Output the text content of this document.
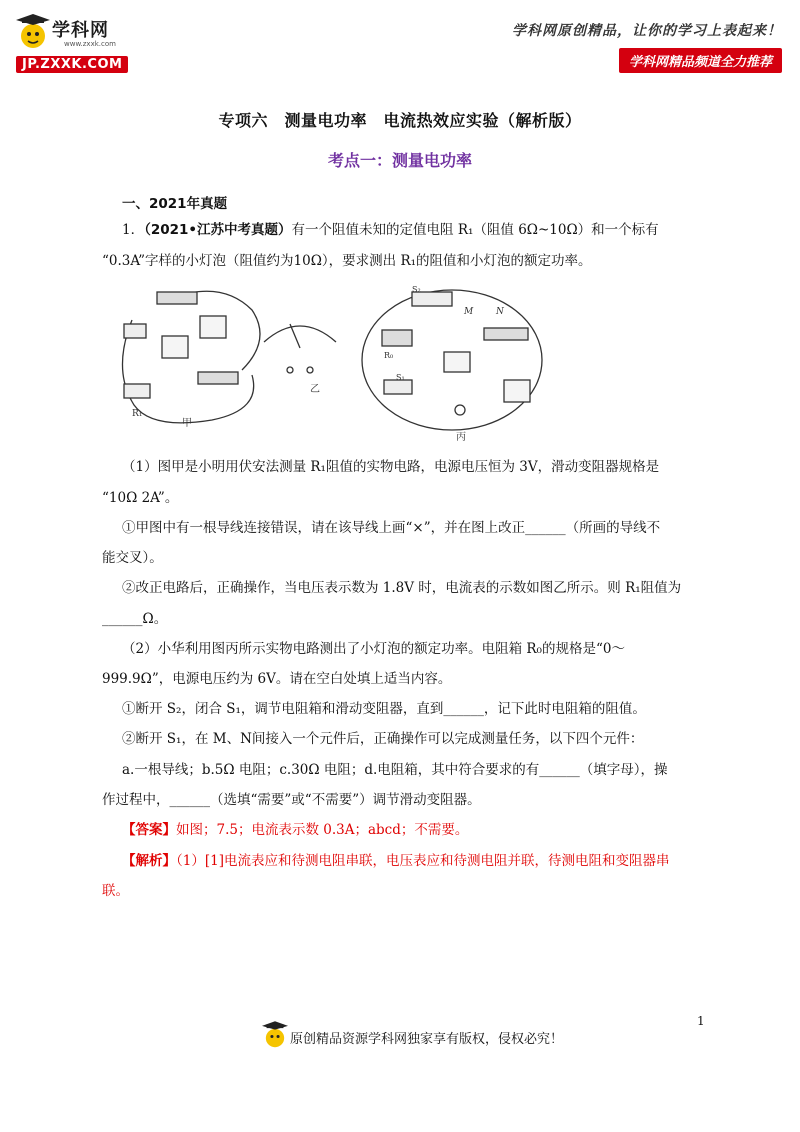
学科网
www.zxxk.com
JP.ZXXK.COM
学科网原创精品，让你的学习上表起来！
学科网精品频道全力推荐
专项六　测量电功率　电流热效应实验（解析版）
考点一：测量电功率
一、2021年真题
1．（2021•江苏中考真题）有一个阻值未知的定值电阻 R₁（阻值 6Ω~10Ω）和一个标有
“0.3A”字样的小灯泡（阻值约为10Ω），要求测出 R₁的阻值和小灯泡的额定功率。
R₁
甲
乙
丙
M	N
S₂
S₁
R₀
（1）图甲是小明用伏安法测量 R₁阻值的实物电路，电源电压恒为 3V，滑动变阻器规格是
“10Ω 2A”。
①甲图中有一根导线连接错误，请在该导线上画“×”，并在图上改正______（所画的导线不
能交叉）。
②改正电路后，正确操作，当电压表示数为 1.8V 时，电流表的示数如图乙所示。则 R₁阻值为
______Ω。
（2）小华利用图丙所示实物电路测出了小灯泡的额定功率。电阻箱 R₀的规格是“0～
999.9Ω”，电源电压约为 6V。请在空白处填上适当内容。
①断开 S₂，闭合 S₁，调节电阻箱和滑动变阻器，直到______，记下此时电阻箱的阻值。
②断开 S₁，在 M、N间接入一个元件后，正确操作可以完成测量任务，以下四个元件：
a.一根导线；b.5Ω 电阻；c.30Ω 电阻；d.电阻箱，其中符合要求的有______（填字母），操
作过程中，______（选填“需要”或“不需要”）调节滑动变阻器。
【答案】如图；7.5；电流表示数 0.3A；abcd；不需要。
【解析】（1）[1]电流表应和待测电阻串联，电压表应和待测电阻并联，待测电阻和变阻器串
联。
1
原创精品资源学科网独家享有版权，侵权必究！
